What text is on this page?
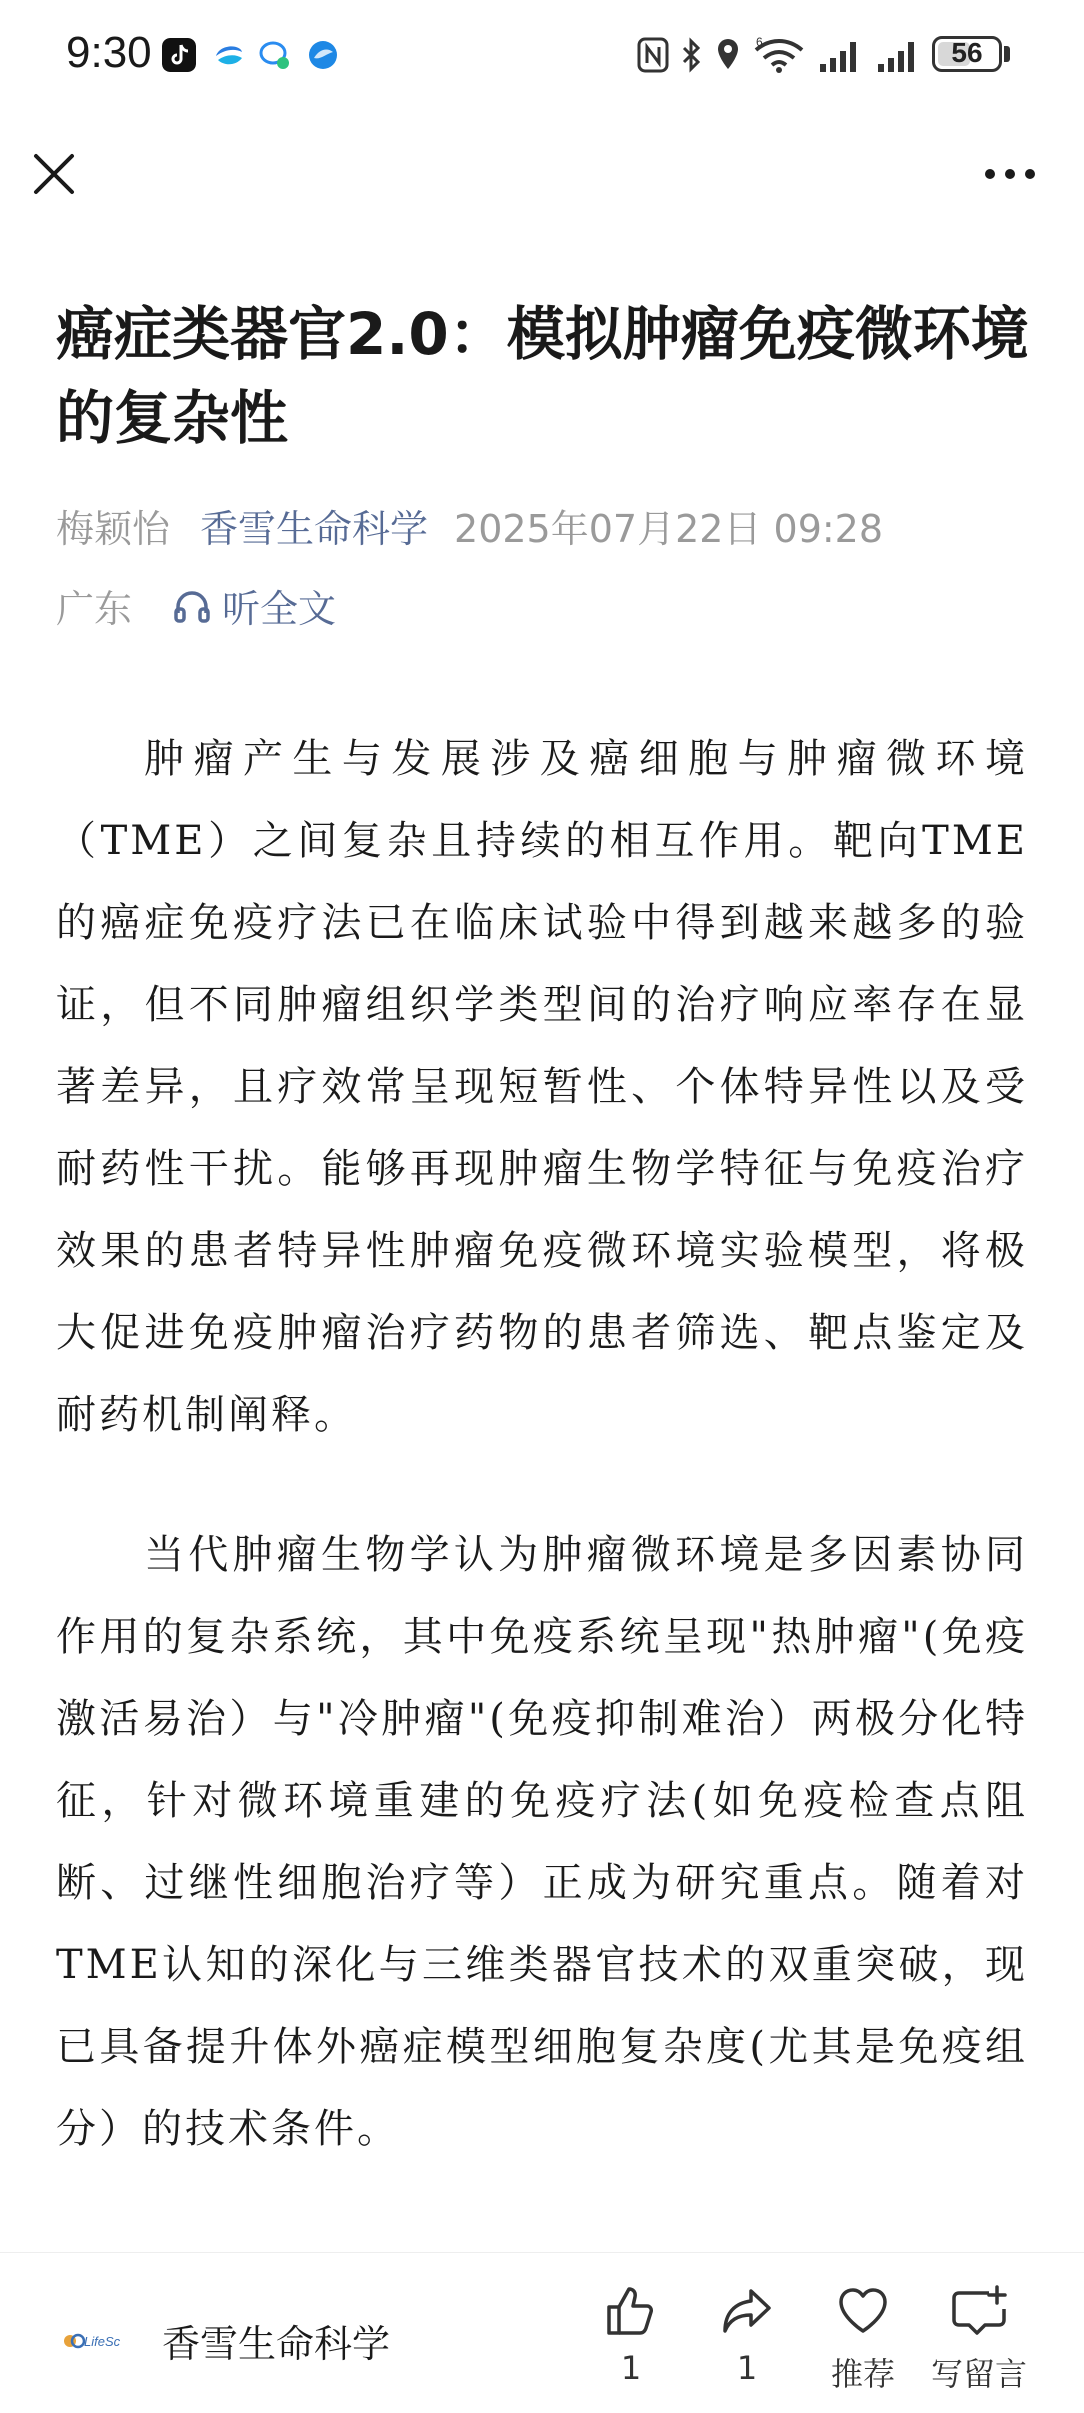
9:30	6	56
癌症类器官2.0：模拟肿瘤免疫微环境的复杂性
梅颖怡 香雪生命科学 2025年07月22日 09:28
广东 听全文

肿瘤产生与发展涉及癌细胞与肿瘤微环境（TME）之间复杂且持续的相互作用。靶向TME的癌症免疫疗法已在临床试验中得到越来越多的验证，但不同肿瘤组织学类型间的治疗响应率存在显著差异，且疗效常呈现短暂性、个体特异性以及受耐药性干扰。能够再现肿瘤生物学特征与免疫治疗效果的患者特异性肿瘤免疫微环境实验模型，将极大促进免疫肿瘤治疗药物的患者筛选、靶点鉴定及耐药机制阐释。

当代肿瘤生物学认为肿瘤微环境是多因素协同作用的复杂系统，其中免疫系统呈现"热肿瘤"(免疫激活易治）与"冷肿瘤"(免疫抑制难治）两极分化特征，针对微环境重建的免疫疗法(如免疫检查点阻断、过继性细胞治疗等）正成为研究重点。随着对TME认知的深化与三维类器官技术的双重突破，现已具备提升体外癌症模型细胞复杂度(尤其是免疫组分）的技术条件。

LifeSc 香雪生命科学
1	1	推荐	写留言
